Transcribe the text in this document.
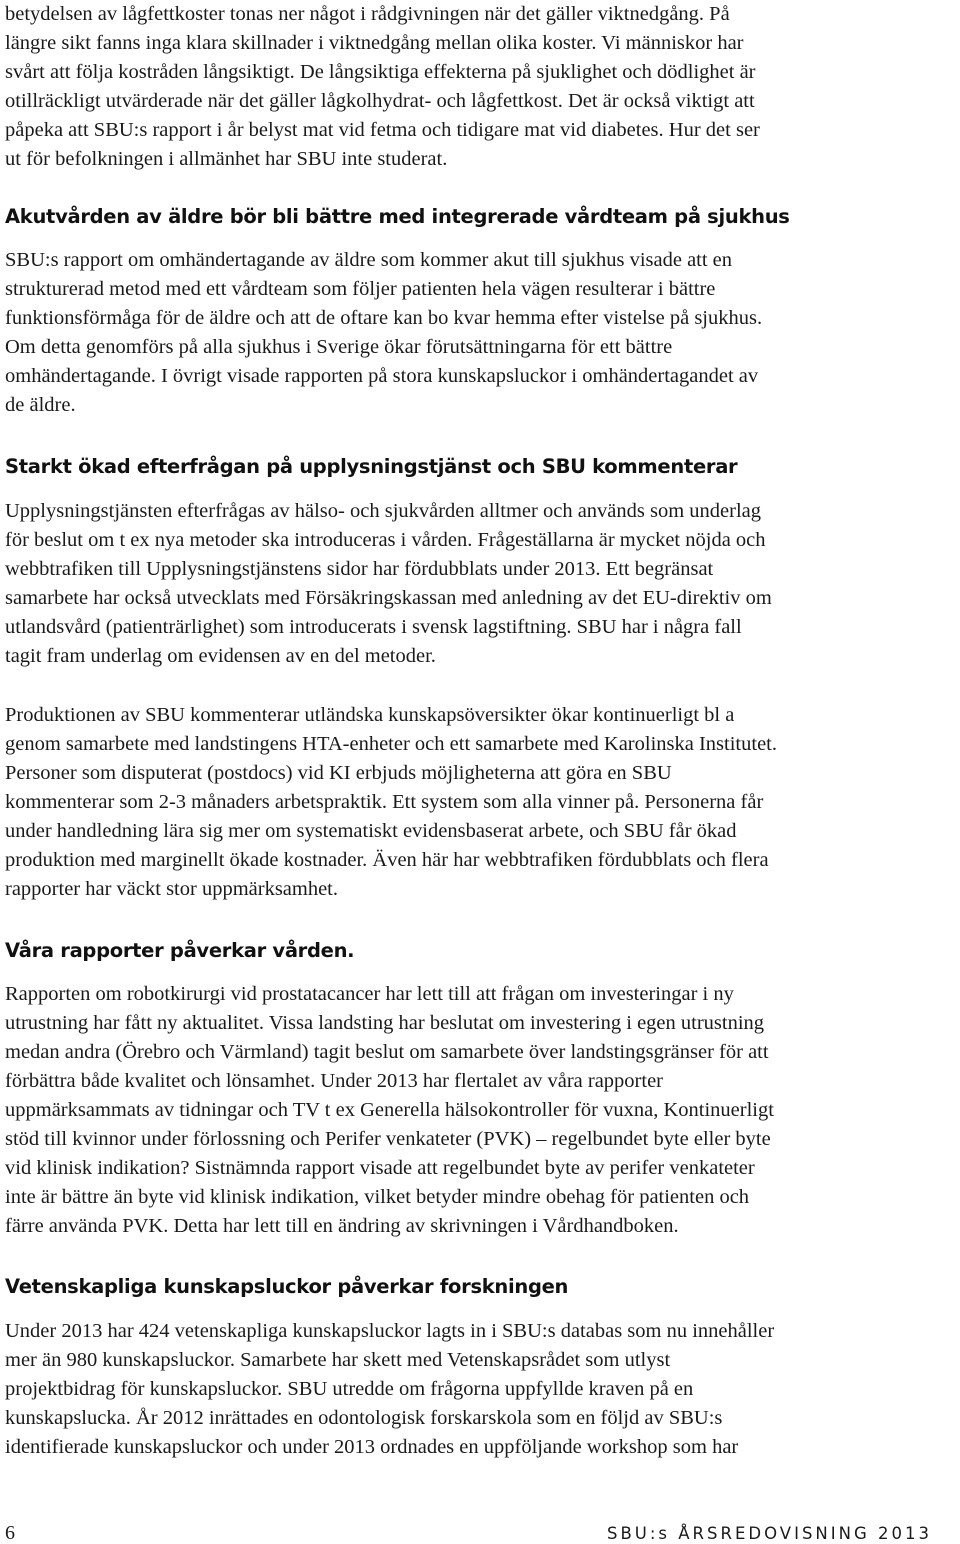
betydelsen av lågfettkoster tonas ner något i rådgivningen när det gäller viktnedgång. På
längre sikt fanns inga klara skillnader i viktnedgång mellan olika koster. Vi människor har
svårt att följa kostråden långsiktigt. De långsiktiga effekterna på sjuklighet och dödlighet är
otillräckligt utvärderade när det gäller lågkolhydrat- och lågfettkost. Det är också viktigt att
påpeka att SBU:s rapport i år belyst mat vid fetma och tidigare mat vid diabetes. Hur det ser
ut för befolkningen i allmänhet har SBU inte studerat.

Akutvården av äldre bör bli bättre med integrerade vårdteam på sjukhus

SBU:s rapport om omhändertagande av äldre som kommer akut till sjukhus visade att en
strukturerad metod med ett vårdteam som följer patienten hela vägen resulterar i bättre
funktionsförmåga för de äldre och att de oftare kan bo kvar hemma efter vistelse på sjukhus.
Om detta genomförs på alla sjukhus i Sverige ökar förutsättningarna för ett bättre
omhändertagande. I övrigt visade rapporten på stora kunskapsluckor i omhändertagandet av
de äldre.

Starkt ökad efterfrågan på upplysningstjänst och SBU kommenterar

Upplysningstjänsten efterfrågas av hälso- och sjukvården alltmer och används som underlag
för beslut om t ex nya metoder ska introduceras i vården. Frågeställarna är mycket nöjda och
webbtrafiken till Upplysningstjänstens sidor har fördubblats under 2013. Ett begränsat
samarbete har också utvecklats med Försäkringskassan med anledning av det EU-direktiv om
utlandsvård (patienträrlighet) som introducerats i svensk lagstiftning. SBU har i några fall
tagit fram underlag om evidensen av en del metoder.

Produktionen av SBU kommenterar utländska kunskapsöversikter ökar kontinuerligt bl a
genom samarbete med landstingens HTA-enheter och ett samarbete med Karolinska Institutet.
Personer som disputerat (postdocs) vid KI erbjuds möjligheterna att göra en SBU
kommenterar som 2-3 månaders arbetspraktik. Ett system som alla vinner på. Personerna får
under handledning lära sig mer om systematiskt evidensbaserat arbete, och SBU får ökad
produktion med marginellt ökade kostnader. Även här har webbtrafiken fördubblats och flera
rapporter har väckt stor uppmärksamhet.

Våra rapporter påverkar vården.

Rapporten om robotkirurgi vid prostatacancer har lett till att frågan om investeringar i ny
utrustning har fått ny aktualitet. Vissa landsting har beslutat om investering i egen utrustning
medan andra (Örebro och Värmland) tagit beslut om samarbete över landstingsgränser för att
förbättra både kvalitet och lönsamhet. Under 2013 har flertalet av våra rapporter
uppmärksammats av tidningar och TV t ex Generella hälsokontroller för vuxna, Kontinuerligt
stöd till kvinnor under förlossning och Perifer venkateter (PVK) – regelbundet byte eller byte
vid klinisk indikation? Sistnämnda rapport visade att regelbundet byte av perifer venkateter
inte är bättre än byte vid klinisk indikation, vilket betyder mindre obehag för patienten och
färre använda PVK. Detta har lett till en ändring av skrivningen i Vårdhandboken.

Vetenskapliga kunskapsluckor påverkar forskningen

Under 2013 har 424 vetenskapliga kunskapsluckor lagts in i SBU:s databas som nu innehåller
mer än 980 kunskapsluckor. Samarbete har skett med Vetenskapsrådet som utlyst
projektbidrag för kunskapsluckor. SBU utredde om frågorna uppfyllde kraven på en
kunskapslucka. År 2012 inrättades en odontologisk forskarskola som en följd av SBU:s
identifierade kunskapsluckor och under 2013 ordnades en uppföljande workshop som har

6	SBU:s ÅRSREDOVISNING 2013
